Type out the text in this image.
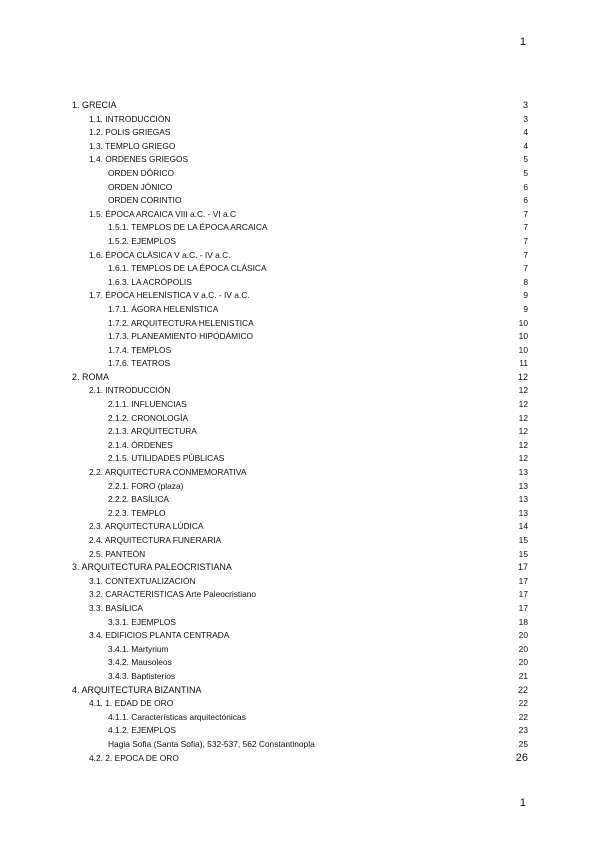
1
1. GRECIA	3
1.1. INTRODUCCIÓN	3
1.2. POLIS GRIEGAS	4
1.3. TEMPLO GRIEGO	4
1.4. ORDENES GRIEGOS	5
ORDEN DÓRICO	5
ORDEN JÓNICO	6
ORDEN CORINTIO	6
1.5. ÉPOCA ARCAICA VIII a.C. - VI a.C	7
1.5.1. TEMPLOS DE LA ÉPOCA ARCAICA	7
1.5.2. EJEMPLOS	7
1.6. ÉPOCA CLÁSICA V a.C. - IV a.C.	7
1.6.1. TEMPLOS DE LA ÉPOCA CLÁSICA	7
1.6.3. LA ACRÓPOLIS	8
1.7. ÉPOCA HELENÍSTICA V a.C. - IV a.C.	9
1.7.1. ÁGORA HELENÍSTICA	9
1.7.2. ARQUITECTURA HELENISTICA	10
1.7.3. PLANEAMIENTO HIPODÁMICO	10
1.7.4. TEMPLOS	10
1.7.6. TEATROS	11
2. ROMA	12
2.1. INTRODUCCIÓN	12
2.1.1. INFLUENCIAS	12
2.1.2. CRONOLOGÍA	12
2.1.3. ARQUITECTURA	12
2.1.4. ÓRDENES	12
2.1.5. UTILIDADES PÚBLICAS	12
2.2. ARQUITECTURA CONMEMORATIVA	13
2.2.1. FORO (plaza)	13
2.2.2. BASÍLICA	13
2.2.3. TEMPLO	13
2.3. ARQUITECTURA LÚDICA	14
2.4. ARQUITECTURA FUNERARIA	15
2.5. PANTEÓN	15
3. ARQUITECTURA PALEOCRISTIANA	17
3.1. CONTEXTUALIZACIÓN	17
3.2. CARACTERISTICAS Arte Paleocristiano	17
3.3. BASÍLICA	17
3.3.1. EJEMPLOS	18
3.4. EDIFICIOS PLANTA CENTRADA	20
3.4.1. Martyrium	20
3.4.2. Mausoleos	20
3.4.3. Baptisterios	21
4. ARQUITECTURA BIZANTINA	22
4.1. 1. EDAD DE ORO	22
4.1.1. Características arquitectónicas	22
4.1.2. EJEMPLOS	23
Hagia Sofia (Santa Sofia), 532-537, 562 Constantinopla	25
4.2. 2. EPOCA DE ORO	26
1
